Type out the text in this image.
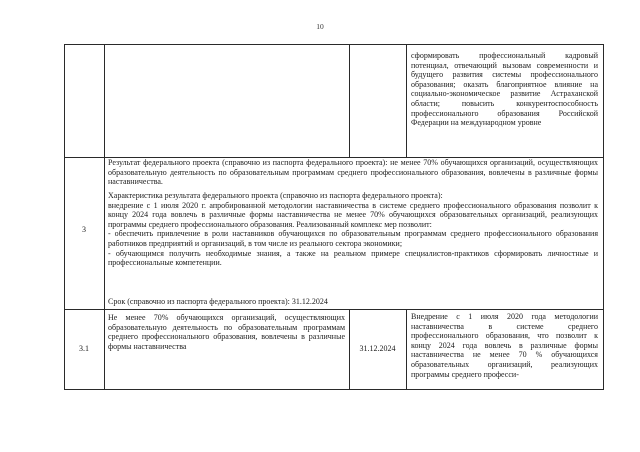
10
сформировать профессиональный кадровый потенциал, отвечающий вызовам современности и будущего развития системы профессионального образования; оказать благоприятное влияние на социально-экономическое развитие Астраханской области; повысить конкурентоспособность профессионального образования Российской Федерации на международном уровне
3
Результат федерального проекта (справочно из паспорта федерального проекта): не менее 70% обучающихся организаций, осуществляющих образовательную деятельность по образовательным программам среднего профессионального образования, вовлечены в различные формы наставничества.
Характеристика результата федерального проекта (справочно из паспорта федерального проекта):
внедрение с 1 июля 2020 г. апробированной методологии наставничества в системе среднего профессионального образования позволит к концу 2024 года вовлечь в различные формы наставничества не менее 70% обучающихся образовательных организаций, реализующих программы среднего профессионального образования. Реализованный комплекс мер позволит:
- обеспечить привлечение в роли наставников обучающихся по образовательным программам среднего профессионального образования работников предприятий и организаций, в том числе из реального сектора экономики;
- обучающимся получить необходимые знания, а также на реальном примере специалистов-практиков сформировать личностные и профессиональные компетенции.
Срок (справочно из паспорта федерального проекта): 31.12.2024
3.1
Не менее 70% обучающихся организаций, осуществляющих образовательную деятельность по образовательным программам среднего профессионального образования, вовлечены в различные формы наставничества	31.12.2024
Внедрение с 1 июля 2020 года методологии наставничества в системе среднего профессионального образования, что позволит к концу 2024 года вовлечь в различные формы наставничества не менее 70 % обучающихся образовательных организаций, реализующих программы среднего професси-
